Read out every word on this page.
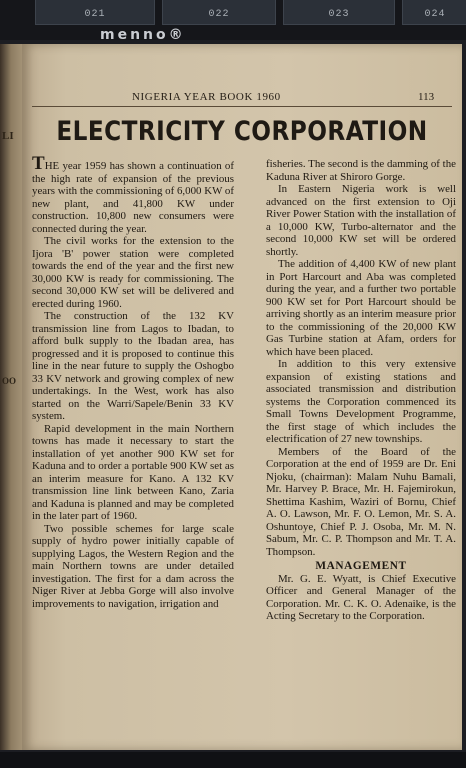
021	022	023	024
menno®
LI
OO
NIGERIA YEAR BOOK 1960	113
ELECTRICITY CORPORATION

THE year 1959 has shown a continuation of the high rate of expansion of the previous years with the commissioning of 6,000 KW of new plant, and 41,800 KW under construction. 10,800 new consumers were connected during the year.

The civil works for the extension to the Ijora 'B' power station were completed towards the end of the year and the first new 30,000 KW is ready for commissioning. The second 30,000 KW set will be delivered and erected during 1960.

The construction of the 132 KV transmission line from Lagos to Ibadan, to afford bulk supply to the Ibadan area, has progressed and it is proposed to continue this line in the near future to supply the Oshogbo 33 KV network and growing complex of new undertakings. In the West, work has also started on the Warri/Sapele/Benin 33 KV system.

Rapid development in the main Northern towns has made it necessary to start the installation of yet another 900 KW set for Kaduna and to order a portable 900 KW set as an interim measure for Kano. A 132 KV transmission line link between Kano, Zaria and Kaduna is planned and may be completed in the later part of 1960.

Two possible schemes for large scale supply of hydro power initially capable of supplying Lagos, the Western Region and the main Northern towns are under detailed investigation. The first for a dam across the Niger River at Jebba Gorge will also involve improvements to navigation, irrigation and

fisheries. The second is the damming of the Kaduna River at Shiroro Gorge.

In Eastern Nigeria work is well advanced on the first extension to Oji River Power Station with the installation of a 10,000 KW, Turbo-alternator and the second 10,000 KW set will be ordered shortly.

The addition of 4,400 KW of new plant in Port Harcourt and Aba was completed during the year, and a further two portable 900 KW set for Port Harcourt should be arriving shortly as an interim measure prior to the commissioning of the 20,000 KW Gas Turbine station at Afam, orders for which have been placed.

In addition to this very extensive expansion of existing stations and associated transmission and distribution systems the Corporation commenced its Small Towns Development Programme, the first stage of which includes the electrification of 27 new townships.

Members of the Board of the Corporation at the end of 1959 are Dr. Eni Njoku, (chairman): Malam Nuhu Bamali, Mr. Harvey P. Brace, Mr. H. Fajemirokun, Shettima Kashim, Waziri of Bornu, Chief A. O. Lawson, Mr. F. O. Lemon, Mr. S. A. Oshuntoye, Chief P. J. Osoba, Mr. M. N. Sabum, Mr. C. P. Thompson and Mr. T. A. Thompson.

MANAGEMENT

Mr. G. E. Wyatt, is Chief Executive Officer and General Manager of the Corporation. Mr. C. K. O. Adenaike, is the Acting Secretary to the Corporation.
